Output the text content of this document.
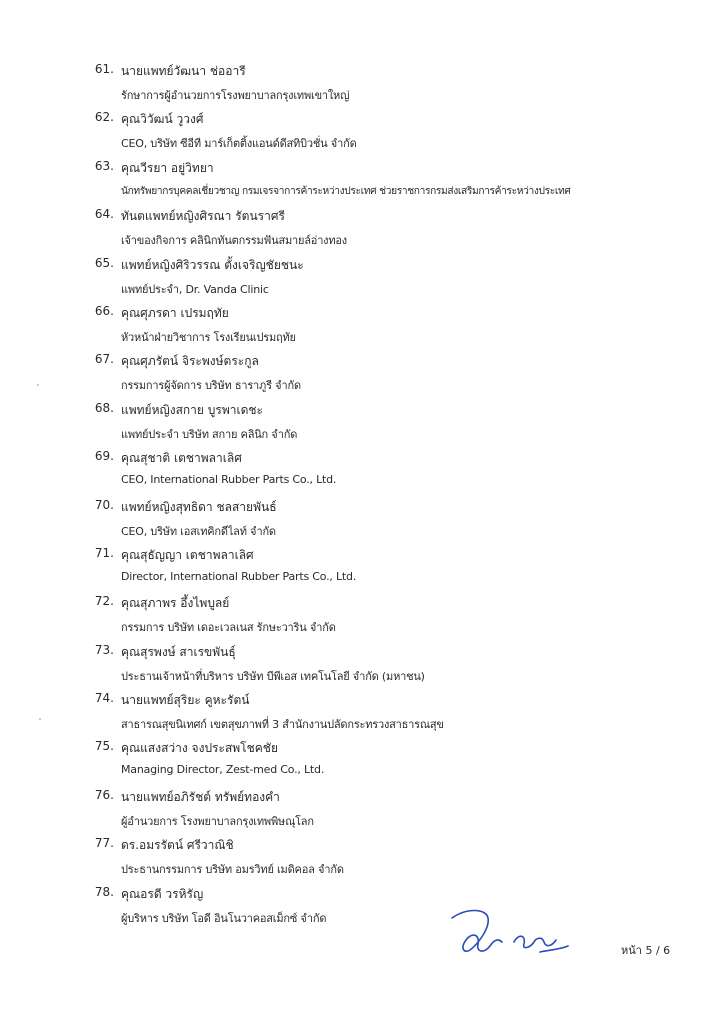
61. นายแพทย์วัฒนา ช่ออารี
รักษาการผู้อำนวยการโรงพยาบาลกรุงเทพเขาใหญ่
62. คุณวิวัฒน์ วูวงศ์
CEO, บริษัท ซีอีที มาร์เก็ตติ้งแอนด์ดีสทิบิวชั่น จำกัด
63. คุณวีรยา อยู่วิทยา
นักทรัพยากรบุคคลเชี่ยวชาญ กรมเจรจาการค้าระหว่างประเทศ ช่วยราชการกรมส่งเสริมการค้าระหว่างประเทศ
64. ทันตแพทย์หญิงศิรณา รัตนราศรี
เจ้าของกิจการ คลินิกทันตกรรมฟันสมายล์อ่างทอง
65. แพทย์หญิงศิริวรรณ ตั้งเจริญชัยชนะ
แพทย์ประจำ, Dr. Vanda Clinic
66. คุณศุภรดา เปรมฤทัย
หัวหน้าฝ่ายวิชาการ โรงเรียนเปรมฤทัย
67. คุณศุภรัตน์ จิระพงษ์ตระกูล
กรรมการผู้จัดการ บริษัท ธาราภูรี จำกัด
68. แพทย์หญิงสกาย บูรพาเดชะ
แพทย์ประจำ บริษัท สกาย คลินิก จำกัด
69. คุณสุชาติ เตชาพลาเลิศ
CEO, International Rubber Parts Co., Ltd.
70. แพทย์หญิงสุทธิดา ชลสายพันธ์
CEO, บริษัท เอสเทคิกดีไลท์ จำกัด
71. คุณสุธัญญา เตชาพลาเลิศ
Director, International Rubber Parts Co., Ltd.
72. คุณสุภาพร อึ้งไพบูลย์
กรรมการ บริษัท เดอะเวลเนส รักษะวาริน จำกัด
73. คุณสุรพงษ์ สาเรขพันธุ์
ประธานเจ้าหน้าที่บริหาร บริษัท บีพีเอส เทคโนโลยี จำกัด (มหาชน)
74. นายแพทย์สุริยะ คูหะรัตน์
สาธารณสุขนิเทศก์ เขตสุขภาพที่ 3 สำนักงานปลัดกระทรวงสาธารณสุข
75. คุณแสงสว่าง จงประสพโชคชัย
Managing Director, Zest-med Co., Ltd.
76. นายแพทย์อภิรัชต์ ทรัพย์ทองคำ
ผู้อำนวยการ โรงพยาบาลกรุงเทพพิษณุโลก
77. ดร.อมรรัตน์ ศรีวาณิชิ
ประธานกรรมการ บริษัท อมรวิทย์ เมดิคอล จำกัด
78. คุณอรดี วรหิรัญ
ผู้บริหาร บริษัท โอดี อินโนวาคอสเม็กซ์ จำกัด
หน้า 5 / 6
